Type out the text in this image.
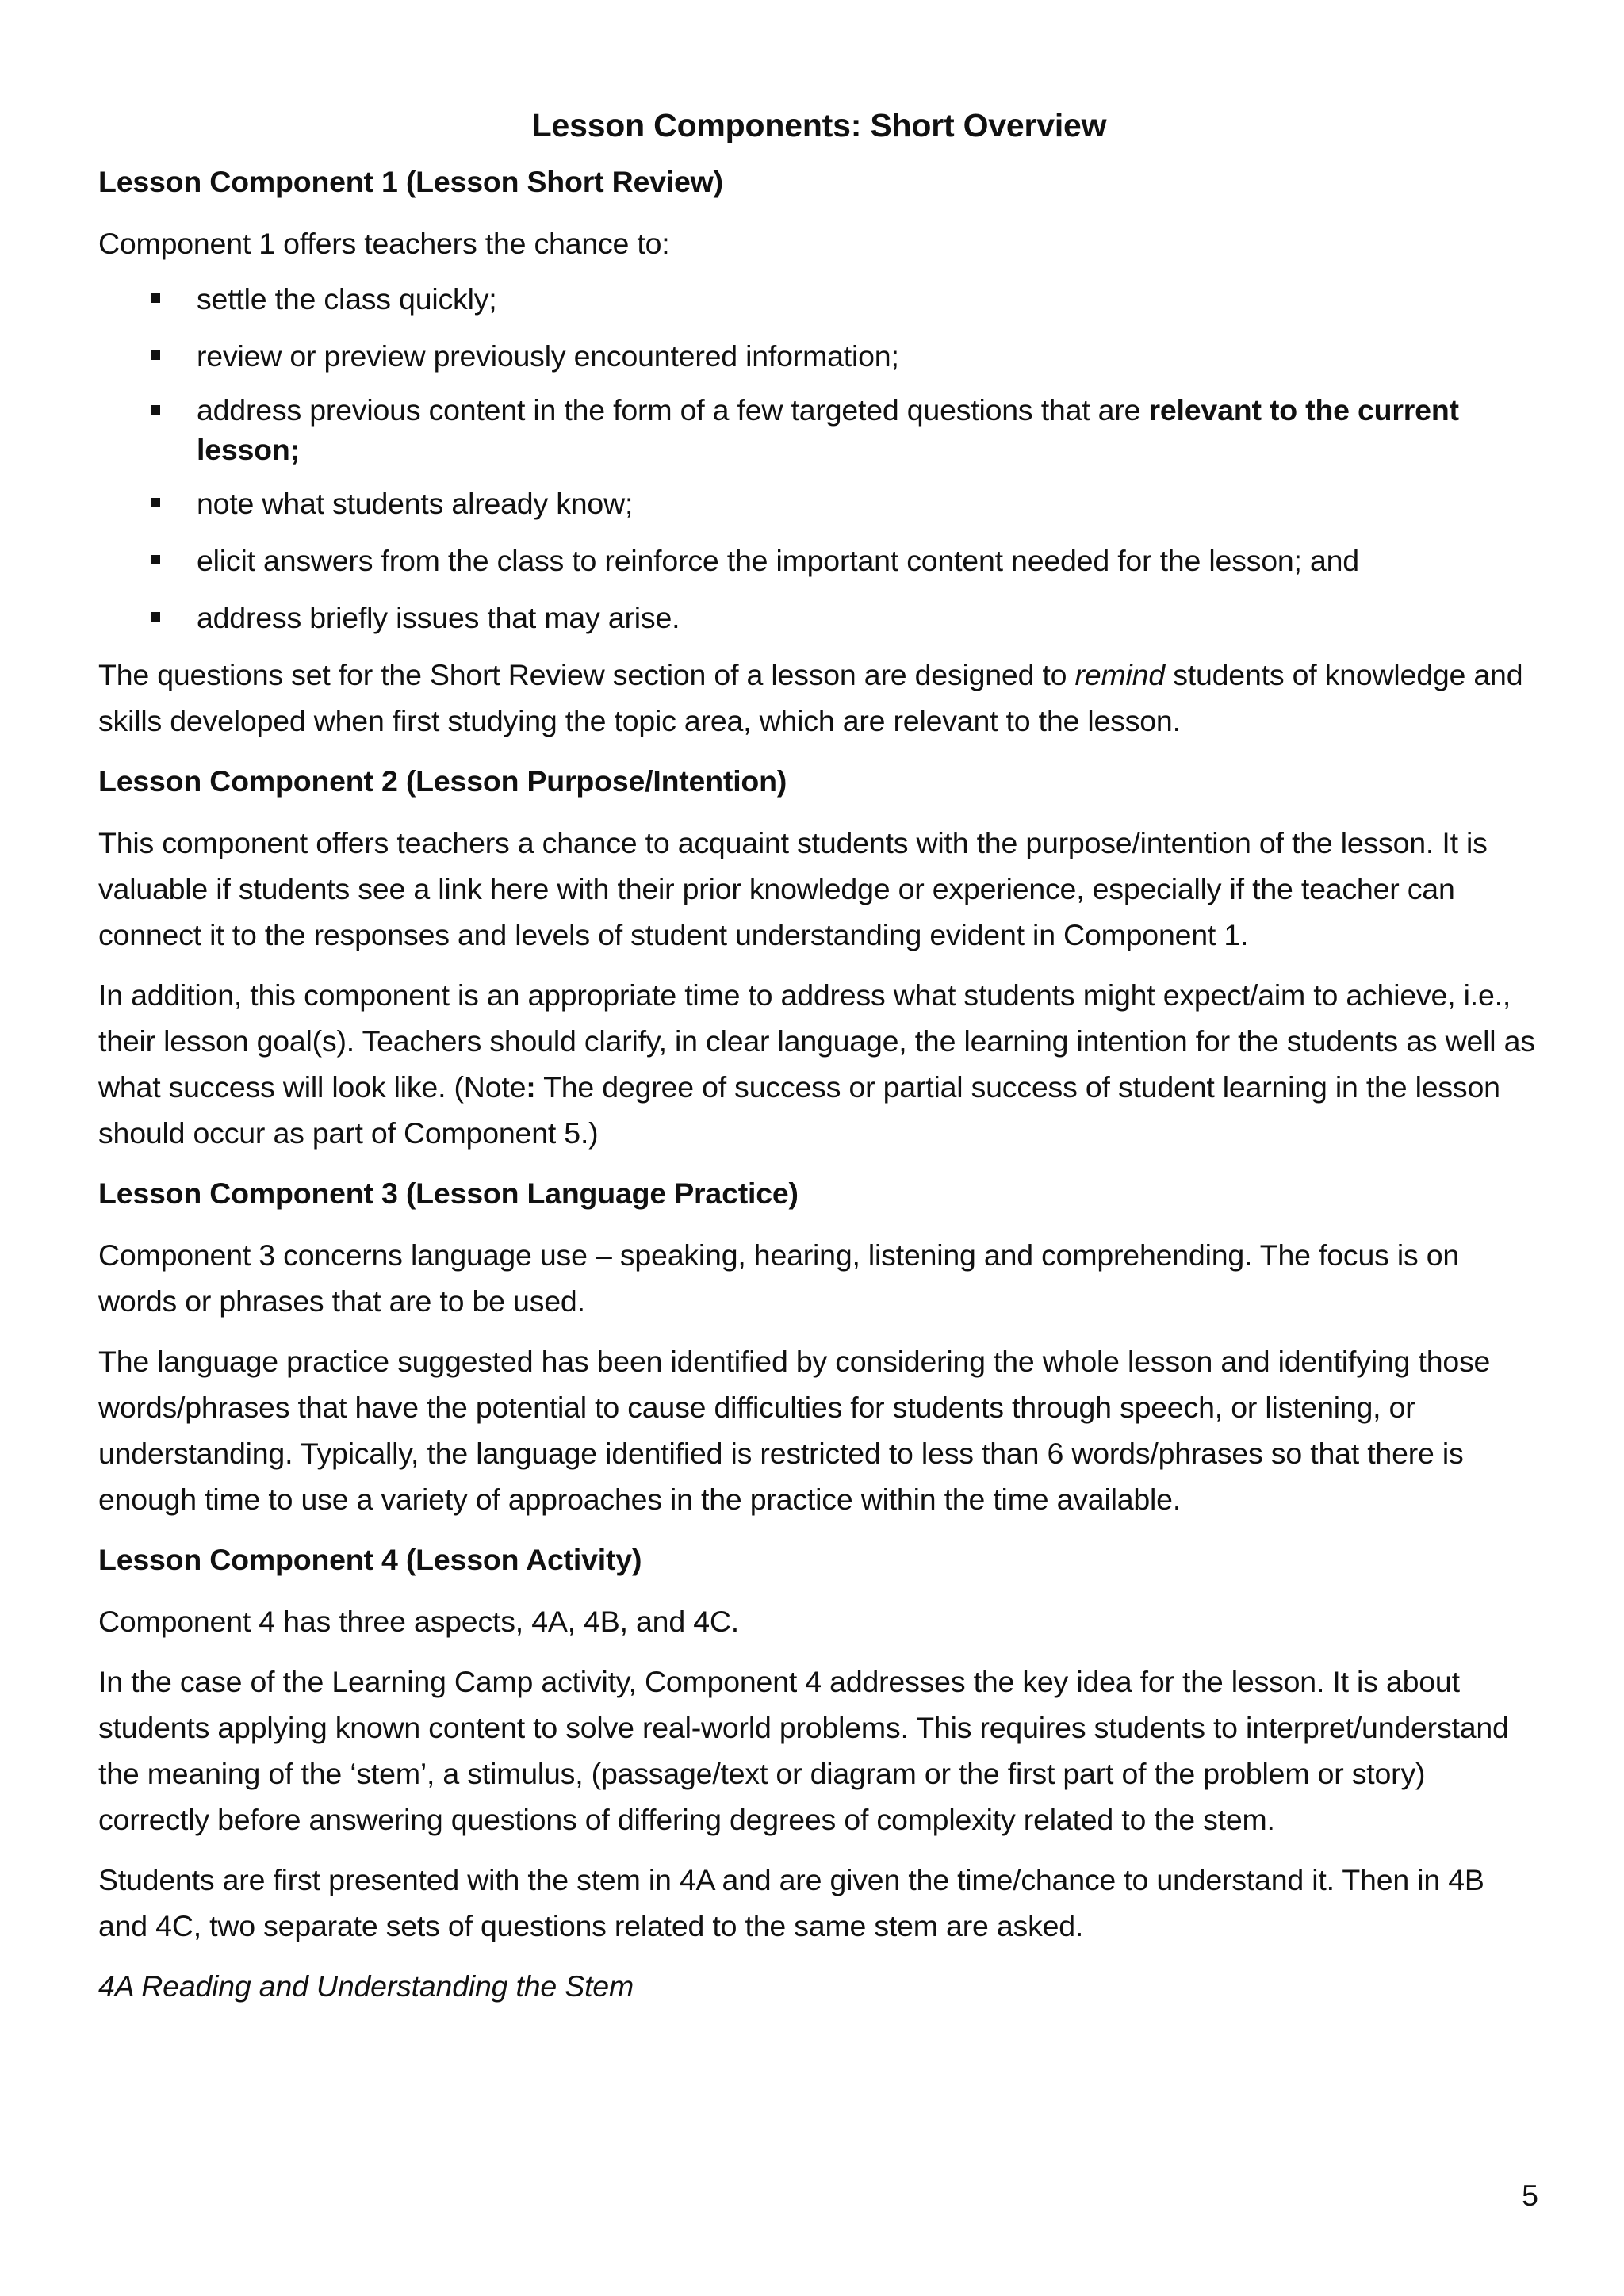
Lesson Components: Short Overview
Lesson Component 1 (Lesson Short Review)
Component 1 offers teachers the chance to:
settle the class quickly;
review or preview previously encountered information;
address previous content in the form of a few targeted questions that are relevant to the current lesson;
note what students already know;
elicit answers from the class to reinforce the important content needed for the lesson; and
address briefly issues that may arise.
The questions set for the Short Review section of a lesson are designed to remind students of knowledge and skills developed when first studying the topic area, which are relevant to the lesson.
Lesson Component 2 (Lesson Purpose/Intention)
This component offers teachers a chance to acquaint students with the purpose/intention of the lesson. It is valuable if students see a link here with their prior knowledge or experience, especially if the teacher can connect it to the responses and levels of student understanding evident in Component 1.
In addition, this component is an appropriate time to address what students might expect/aim to achieve, i.e., their lesson goal(s). Teachers should clarify, in clear language, the learning intention for the students as well as what success will look like. (Note: The degree of success or partial success of student learning in the lesson should occur as part of Component 5.)
Lesson Component 3 (Lesson Language Practice)
Component 3 concerns language use – speaking, hearing, listening and comprehending. The focus is on words or phrases that are to be used.
The language practice suggested has been identified by considering the whole lesson and identifying those words/phrases that have the potential to cause difficulties for students through speech, or listening, or understanding. Typically, the language identified is restricted to less than 6 words/phrases so that there is enough time to use a variety of approaches in the practice within the time available.
Lesson Component 4 (Lesson Activity)
Component 4 has three aspects, 4A, 4B, and 4C.
In the case of the Learning Camp activity, Component 4 addresses the key idea for the lesson. It is about students applying known content to solve real-world problems. This requires students to interpret/understand the meaning of the ‘stem’, a stimulus, (passage/text or diagram or the first part of the problem or story) correctly before answering questions of differing degrees of complexity related to the stem.
Students are first presented with the stem in 4A and are given the time/chance to understand it. Then in 4B and 4C, two separate sets of questions related to the same stem are asked.
4A Reading and Understanding the Stem
5
